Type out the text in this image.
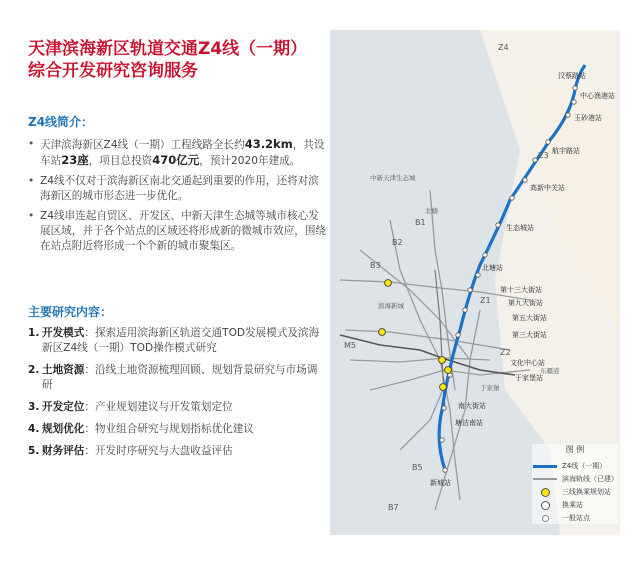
天津滨海新区轨道交通Z4线（一期）
综合开发研究咨询服务
Z4线简介：
• 天津滨海新区Z4线（一期）工程线路全长约43.2km，共设车站23座，项目总投资470亿元，预计2020年建成。
• Z4线不仅对于滨海新区南北交通起到重要的作用，还将对滨海新区的城市形态进一步优化。
• Z4线串连起自贸区、开发区、中新天津生态城等城市核心发展区域，并于各个站点的区域还将形成新的微城市效应，围绕在站点附近将形成一个个新的城市聚集区。
主要研究内容：
1. 开发模式：探索适用滨海新区轨道交通TOD发展模式及滨海新区Z4线（一期）TOD操作模式研究
2. 土地资源：沿线土地资源梳理回顾、规划背景研究与市场调研
3. 开发定位：产业规划建议与开发策划定位
4. 规划优化：物业组合研究与规划指标优化建议
5. 财务评估：开发时序研究与大盘收益评估
汉蔡路站
中心渔港站
玉砂港站
航宇路站
高新中关站
生态城站
北塘站
第十三大街站
第九大街站
第五大街站
第三大街站
文化中心站
于家堡站
塘沽南站
南大街站
新城站
Z4
Z1
Z2
Z3
B1
B2
B3
B5
B7
M5
北塘
东疆港
滨海新城
于家堡
中新天津生态城
图 例
Z4线（一期）
滨海轨线（已建）
三线换乘规划站
换乘站
一般站点
